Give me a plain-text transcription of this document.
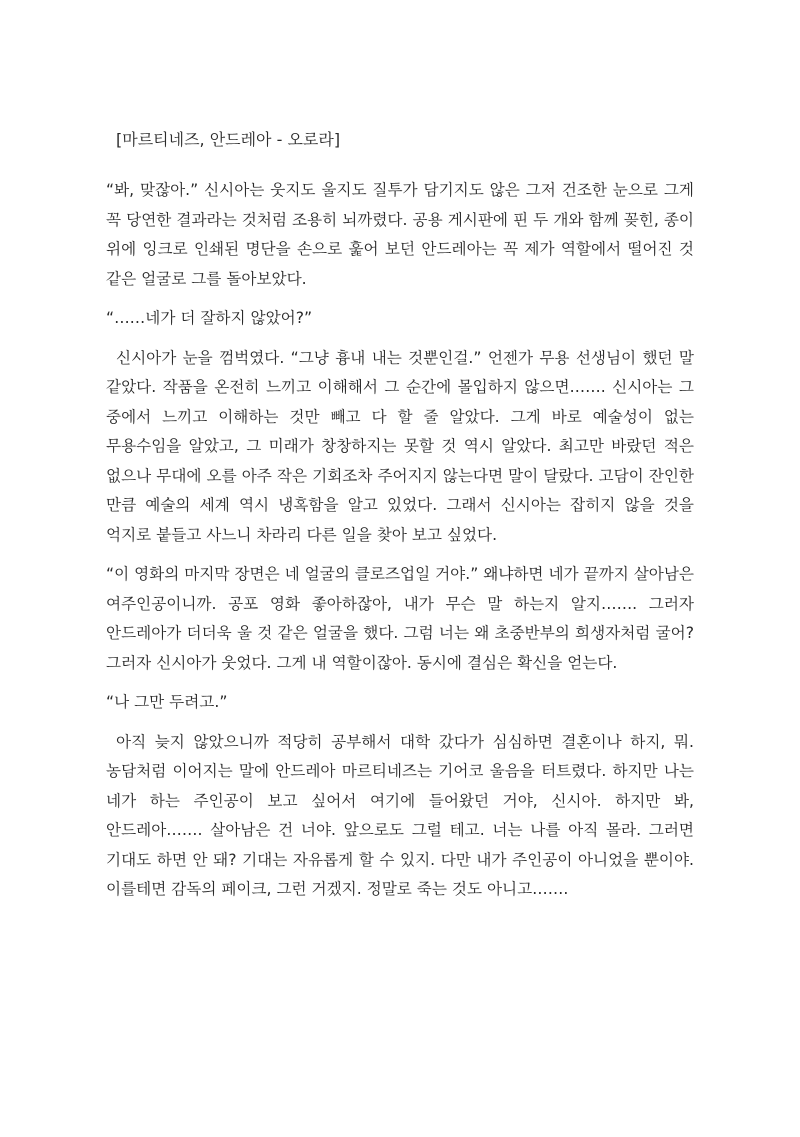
[마르티네즈, 안드레아 - 오로라]

“봐, 맞잖아.” 신시아는 웃지도 울지도 질투가 담기지도 않은 그저 건조한 눈으로 그게 꼭 당연한 결과라는 것처럼 조용히 뇌까렸다. 공용 게시판에 핀 두 개와 함께 꽂힌, 종이 위에 잉크로 인쇄된 명단을 손으로 훑어 보던 안드레아는 꼭 제가 역할에서 떨어진 것 같은 얼굴로 그를 돌아보았다.

“……네가 더 잘하지 않았어?”

신시아가 눈을 껌벅였다. “그냥 흉내 내는 것뿐인걸.” 언젠가 무용 선생님이 했던 말 같았다. 작품을 온전히 느끼고 이해해서 그 순간에 몰입하지 않으면……. 신시아는 그 중에서 느끼고 이해하는 것만 빼고 다 할 줄 알았다. 그게 바로 예술성이 없는 무용수임을 알았고, 그 미래가 창창하지는 못할 것 역시 알았다. 최고만 바랐던 적은 없으나 무대에 오를 아주 작은 기회조차 주어지지 않는다면 말이 달랐다. 고담이 잔인한 만큼 예술의 세계 역시 냉혹함을 알고 있었다. 그래서 신시아는 잡히지 않을 것을 억지로 붙들고 사느니 차라리 다른 일을 찾아 보고 싶었다.

“이 영화의 마지막 장면은 네 얼굴의 클로즈업일 거야.” 왜냐하면 네가 끝까지 살아남은 여주인공이니까. 공포 영화 좋아하잖아, 내가 무슨 말 하는지 알지……. 그러자 안드레아가 더더욱 울 것 같은 얼굴을 했다. 그럼 너는 왜 초중반부의 희생자처럼 굴어? 그러자 신시아가 웃었다. 그게 내 역할이잖아. 동시에 결심은 확신을 얻는다.

“나 그만 두려고.”

아직 늦지 않았으니까 적당히 공부해서 대학 갔다가 심심하면 결혼이나 하지, 뭐. 농담처럼 이어지는 말에 안드레아 마르티네즈는 기어코 울음을 터트렸다. 하지만 나는 네가 하는 주인공이 보고 싶어서 여기에 들어왔던 거야, 신시아. 하지만 봐, 안드레아……. 살아남은 건 너야. 앞으로도 그럴 테고. 너는 나를 아직 몰라. 그러면 기대도 하면 안 돼? 기대는 자유롭게 할 수 있지. 다만 내가 주인공이 아니었을 뿐이야. 이를테면 감독의 페이크, 그런 거겠지. 정말로 죽는 것도 아니고…….
